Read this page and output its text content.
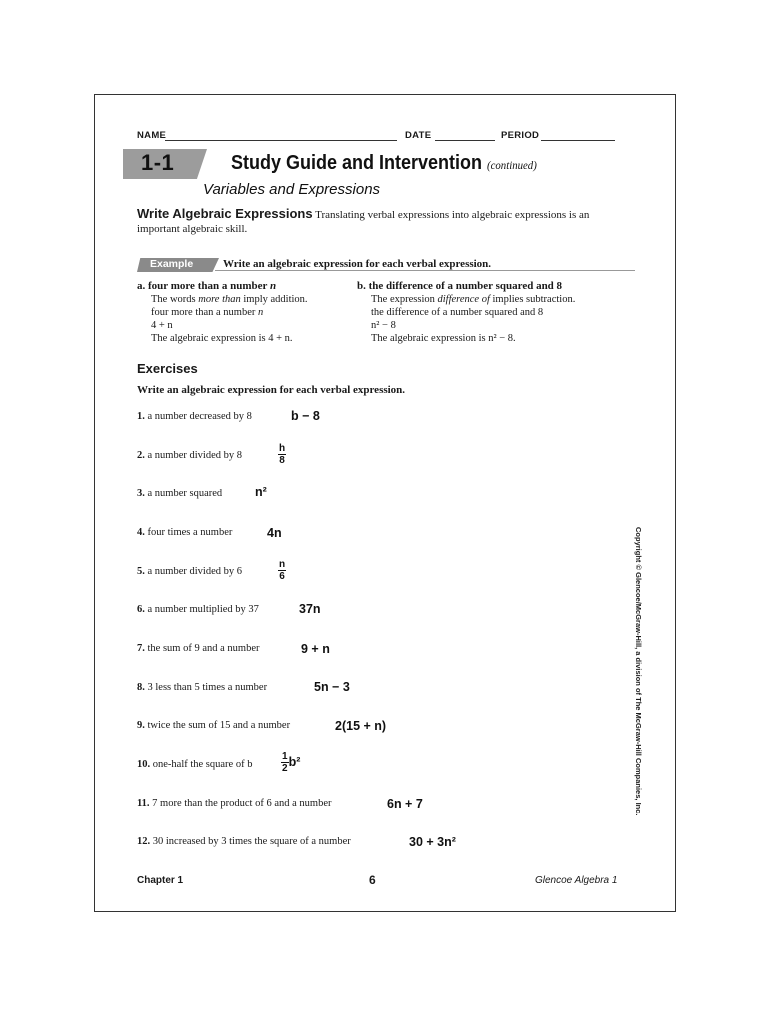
NAME	DATE	PERIOD
1-1	Study Guide and Intervention (continued)
Variables and Expressions
Write Algebraic Expressions Translating verbal expressions into algebraic expressions is an important algebraic skill.
Example	Write an algebraic expression for each verbal expression.
a. four more than a number n
The words more than imply addition.
four more than a number n
4 + n
The algebraic expression is 4 + n.
b. the difference of a number squared and 8
The expression difference of implies subtraction.
the difference of a number squared and 8
n² − 8
The algebraic expression is n² − 8.
Exercises
Write an algebraic expression for each verbal expression.
1. a number decreased by 8	b − 8
2. a number divided by 8	$\frac{h}{8}$
3. a number squared	n²
4. four times a number	4n
5. a number divided by 6	$\frac{n}{6}$
6. a number multiplied by 37	37n
7. the sum of 9 and a number	9 + n
8. 3 less than 5 times a number	5n − 3
9. twice the sum of 15 and a number	2(15 + n)
10. one-half the square of b	$\frac{1}{2} b^2$
11. 7 more than the product of 6 and a number	6n + 7
12. 30 increased by 3 times the square of a number	30 + 3n²
Copyright © Glencoe/McGraw-Hill, a division of The McGraw-Hill Companies, Inc.
Chapter 1	6	Glencoe Algebra 1
